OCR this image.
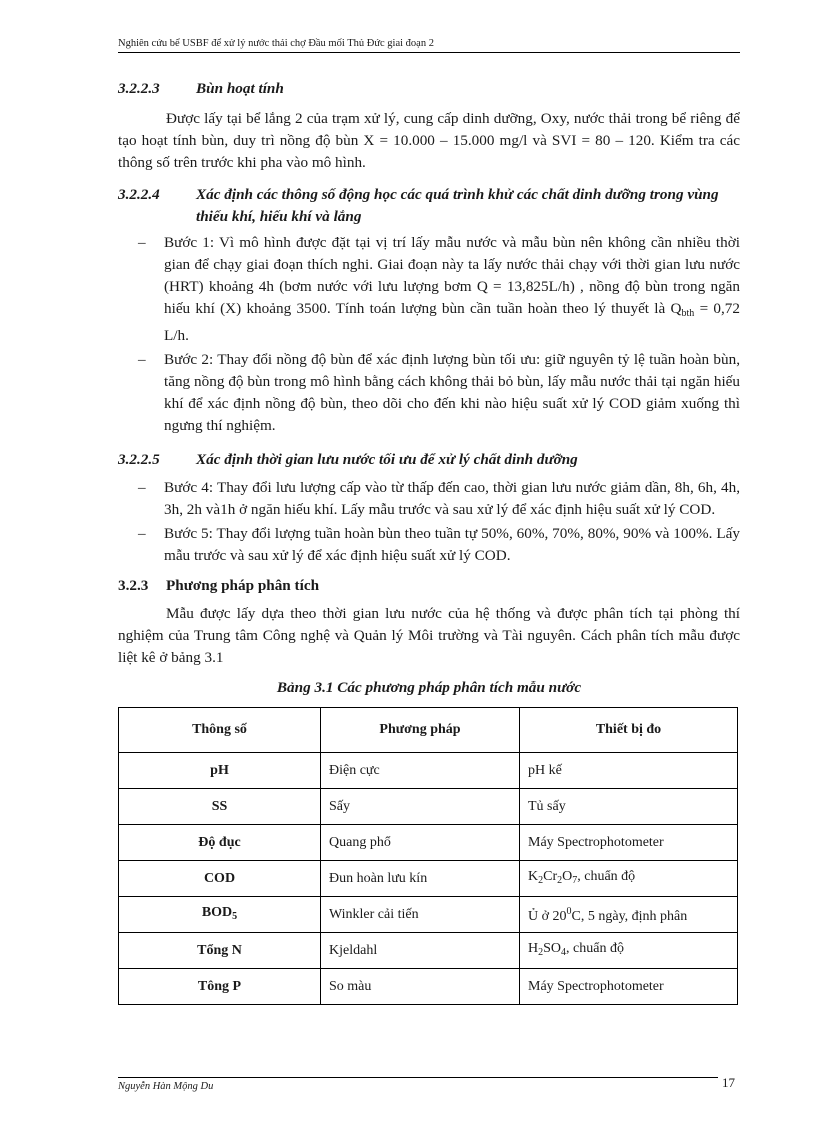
Nghiên cứu bể USBF để xử lý nước thải chợ Đầu mối Thủ Đức giai đoạn 2
3.2.2.3	Bùn hoạt tính

Được lấy tại bể lắng 2 của trạm xử lý, cung cấp dinh dưỡng, Oxy, nước thải trong bể riêng để tạo hoạt tính bùn, duy trì nồng độ bùn X = 10.000 – 15.000 mg/l và SVI = 80 – 120. Kiểm tra các thông số trên trước khi pha vào mô hình.

3.2.2.4	Xác định các thông số động học các quá trình khử các chất dinh dưỡng trong vùng thiếu khí, hiếu khí và lắng
– Bước 1: Vì mô hình được đặt tại vị trí lấy mẫu nước và mẫu bùn nên không cần nhiều thời gian để chạy giai đoạn thích nghi. Giai đoạn này ta lấy nước thải chạy với thời gian lưu nước (HRT) khoảng 4h (bơm nước với lưu lượng bơm Q = 13,825L/h) , nồng độ bùn trong ngăn hiếu khí (X) khoảng 3500. Tính toán lượng bùn cần tuần hoàn theo lý thuyết là $Q_{bth} = 0,72$ L/h.
– Bước 2: Thay đổi nồng độ bùn để xác định lượng bùn tối ưu: giữ nguyên tỷ lệ tuần hoàn bùn, tăng nồng độ bùn trong mô hình bằng cách không thải bỏ bùn, lấy mẫu nước thải tại ngăn hiếu khí để xác định nồng độ bùn, theo dõi cho đến khi nào hiệu suất xử lý COD giảm xuống thì ngưng thí nghiệm.
3.2.2.5	Xác định thời gian lưu nước tối ưu để xử lý chất dinh dưỡng
– Bước 4: Thay đổi lưu lượng cấp vào từ thấp đến cao, thời gian lưu nước giảm dần, 8h, 6h, 4h, 3h, 2h và1h ở ngăn hiếu khí. Lấy mẫu trước và sau xử lý để xác định hiệu suất xử lý COD.
– Bước 5: Thay đổi lượng tuần hoàn bùn theo tuần tự 50%, 60%, 70%, 80%, 90% và 100%. Lấy mẫu trước và sau xử lý để xác định hiệu suất xử lý COD.
3.2.3	Phương pháp phân tích

Mẫu được lấy dựa theo thời gian lưu nước của hệ thống và được phân tích tại phòng thí nghiệm của Trung tâm Công nghệ và Quản lý Môi trường và Tài nguyên. Cách phân tích mẫu được liệt kê ở bảng 3.1

Bảng 3.1 Các phương pháp phân tích mẫu nước

Thông số	Phương pháp	Thiết bị đo
pH	Điện cực	pH kế
SS	Sấy	Tủ sấy
Độ đục	Quang phổ	Máy Spectrophotometer
COD	Đun hoàn lưu kín	$K_2Cr_2O_7$, chuẩn độ
$BOD_5$	Winkler cải tiến	Ủ ở $20^0C$, 5 ngày, định phân
Tổng N	Kjeldahl	$H_2SO_4$, chuẩn độ
Tông P	So màu	Máy Spectrophotometer
Nguyễn Hàn Mộng Du	17
